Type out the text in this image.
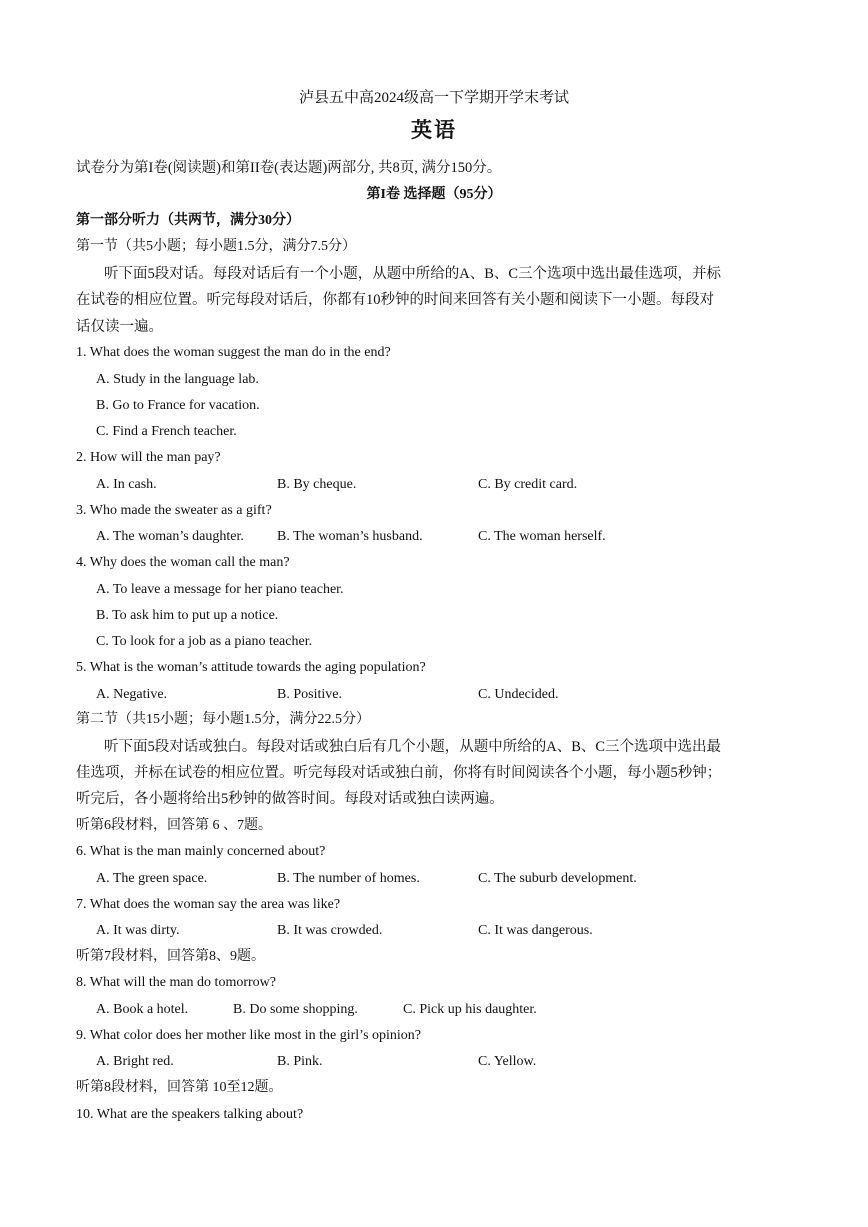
泸县五中高2024级高一下学期开学末考试
英语
试卷分为第I卷(阅读题)和第II卷(表达题)两部分, 共8页, 满分150分。
第I卷 选择题（95分）
第一部分听力（共两节，满分30分）
第一节（共5小题；每小题1.5分，满分7.5分）
听下面5段对话。每段对话后有一个小题，从题中所给的A、B、C三个选项中选出最佳选项，并标
在试卷的相应位置。听完每段对话后，你都有10秒钟的时间来回答有关小题和阅读下一小题。每段对
话仅读一遍。
1. What does the woman suggest the man do in the end?
A. Study in the language lab.
B. Go to France for vacation.
C. Find a French teacher.
2. How will the man pay?
A. In cash.	B. By cheque.	C. By credit card.
3. Who made the sweater as a gift?
A. The woman’s daughter. B. The woman’s husband.	C. The woman herself.
4. Why does the woman call the man?
A. To leave a message for her piano teacher.
B. To ask him to put up a notice.
C. To look for a job as a piano teacher.
5. What is the woman’s attitude towards the aging population?
A. Negative.	B. Positive.	C. Undecided.
第二节（共15小题；每小题1.5分，满分22.5分）
听下面5段对话或独白。每段对话或独白后有几个小题，从题中所给的A、B、C三个选项中选出最
佳选项，并标在试卷的相应位置。听完每段对话或独白前，你将有时间阅读各个小题，每小题5秒钟；
听完后，各小题将给出5秒钟的做答时间。每段对话或独白读两遍。
听第6段材料，回答第 6 、7题。
6. What is the man mainly concerned about?
A. The green space.	B. The number of homes.	C. The suburb development.
7. What does the woman say the area was like?
A. It was dirty.	B. It was crowded.	C. It was dangerous.
听第7段材料，回答第8、9题。
8. What will the man do tomorrow?
A. Book a hotel.	B. Do some shopping.	C. Pick up his daughter.
9. What color does her mother like most in the girl’s opinion?
A. Bright red.	B. Pink.	C. Yellow.
听第8段材料，回答第 10至12题。
10. What are the speakers talking about?
